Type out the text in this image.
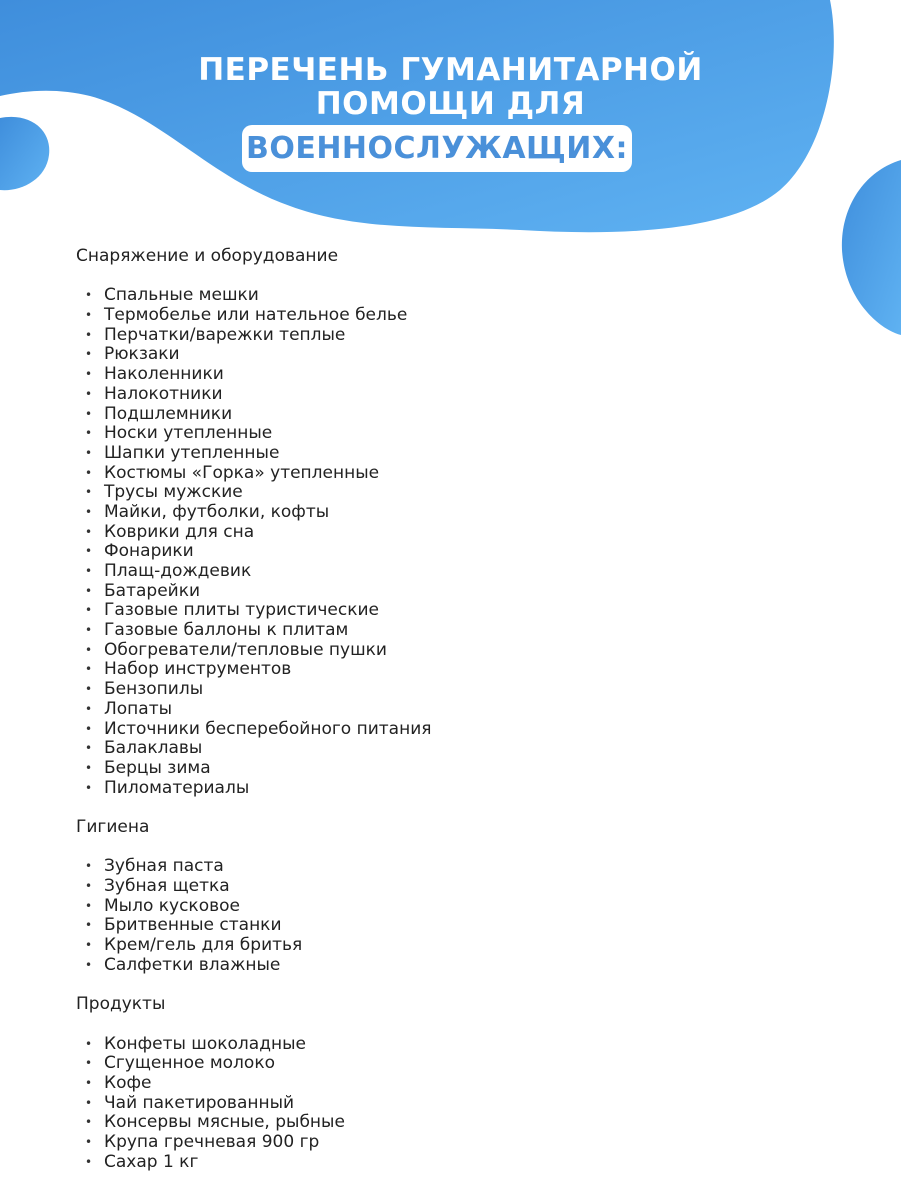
ПЕРЕЧЕНЬ ГУМАНИТАРНОЙ
ПОМОЩИ ДЛЯ
ВОЕННОСЛУЖАЩИХ:
Снаряжение и оборудование
• Спальные мешки
• Термобелье или нательное белье
• Перчатки/варежки теплые
• Рюкзаки
• Наколенники
• Налокотники
• Подшлемники
• Носки утепленные
• Шапки утепленные
• Костюмы «Горка» утепленные
• Трусы мужские
• Майки, футболки, кофты
• Коврики для сна
• Фонарики
• Плащ-дождевик
• Батарейки
• Газовые плиты туристические
• Газовые баллоны к плитам
• Обогреватели/тепловые пушки
• Набор инструментов
• Бензопилы
• Лопаты
• Источники бесперебойного питания
• Балаклавы
• Берцы зима
• Пиломатериалы
Гигиена
• Зубная паста
• Зубная щетка
• Мыло кусковое
• Бритвенные станки
• Крем/гель для бритья
• Салфетки влажные
Продукты
• Конфеты шоколадные
• Сгущенное молоко
• Кофе
• Чай пакетированный
• Консервы мясные, рыбные
• Крупа гречневая 900 гр
• Сахар 1 кг
